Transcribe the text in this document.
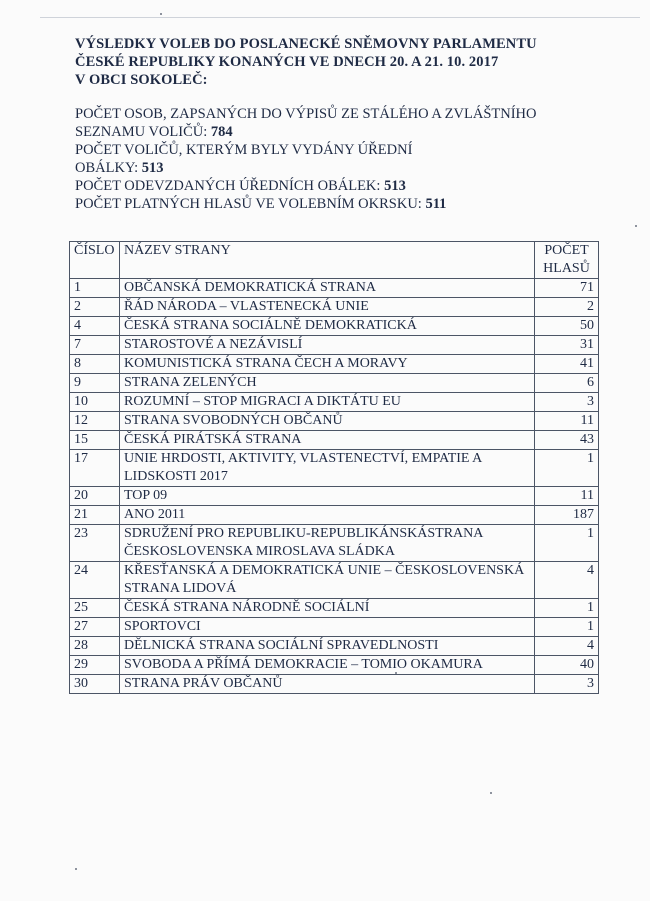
VÝSLEDKY VOLEB DO POSLANECKÉ SNĚMOVNY PARLAMENTU
ČESKÉ REPUBLIKY KONANÝCH VE DNECH 20. A 21. 10. 2017
V OBCI SOKOLEČ:
POČET OSOB, ZAPSANÝCH DO VÝPISŮ ZE STÁLÉHO A ZVLÁŠTNÍHO
SEZNAMU VOLIČŮ: 784
POČET VOLIČŮ, KTERÝM BYLY VYDÁNY ÚŘEDNÍ
OBÁLKY: 513
POČET ODEVZDANÝCH ÚŘEDNÍCH OBÁLEK: 513
POČET PLATNÝCH HLASŮ VE VOLEBNÍM OKRSKU: 511
ČÍSLO	NÁZEV STRANY	POČET
HLASŮ

1	OBČANSKÁ DEMOKRATICKÁ STRANA	71
2	ŘÁD NÁRODA – VLASTENECKÁ UNIE	2
4	ČESKÁ STRANA SOCIÁLNĚ DEMOKRATICKÁ	50
7	STAROSTOVÉ A NEZÁVISLÍ	31
8	KOMUNISTICKÁ STRANA ČECH A MORAVY	41
9	STRANA ZELENÝCH	6
10	ROZUMNÍ – STOP MIGRACI A DIKTÁTU EU	3
12	STRANA SVOBODNÝCH OBČANŮ	11
15	ČESKÁ PIRÁTSKÁ STRANA	43
17	UNIE HRDOSTI, AKTIVITY, VLASTENECTVÍ, EMPATIE A LIDSKOSTI 2017	1
20	TOP 09	11
21	ANO 2011	187
23	SDRUŽENÍ PRO REPUBLIKU-REPUBLIKÁNSKÁSTRANA ČESKOSLOVENSKA MIROSLAVA SLÁDKA	1
24	KŘESŤANSKÁ A DEMOKRATICKÁ UNIE – ČESKOSLOVENSKÁ STRANA LIDOVÁ	4
25	ČESKÁ STRANA NÁRODNĚ SOCIÁLNÍ	1
27	SPORTOVCI	1
28	DĚLNICKÁ STRANA SOCIÁLNÍ SPRAVEDLNOSTI	4
29	SVOBODA A PŘÍMÁ DEMOKRACIE – TOMIO OKAMURA	40
30	STRANA PRÁV OBČANŮ	3
